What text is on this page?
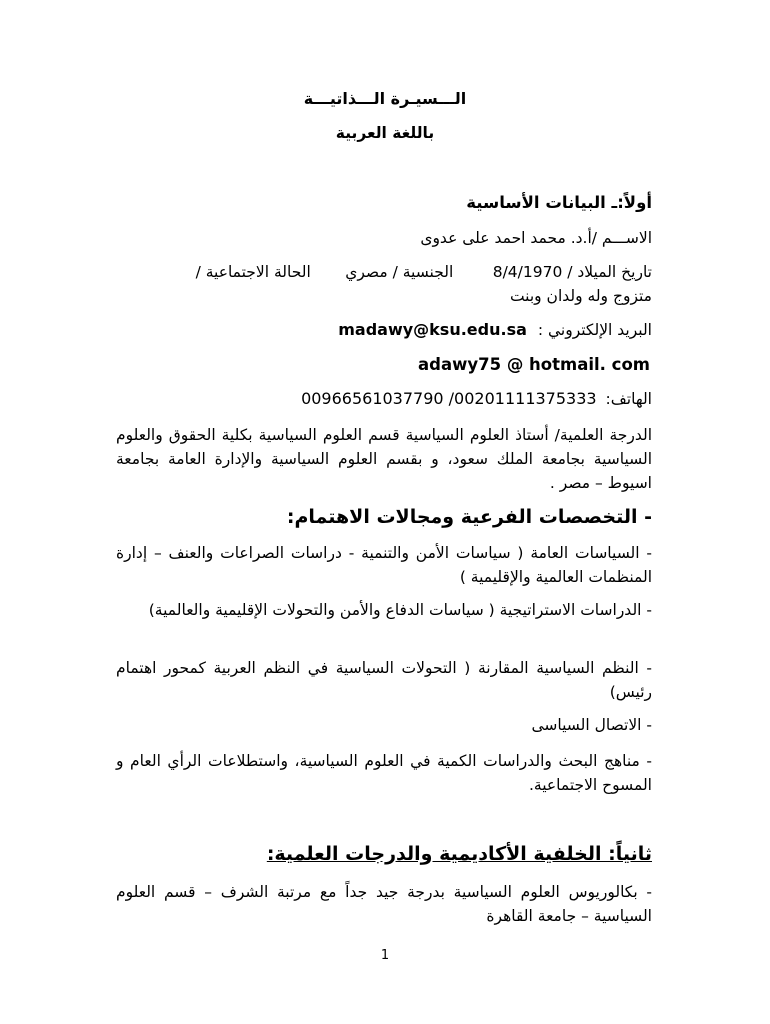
الـــسيـرة الـــذاتيـــة
باللغة العربية
أولاً:ـ البيانات الأساسية
الاســـم /أ.د. محمد احمد على عدوى
تاريخ الميلاد / 8/4/1970        الجنسية / مصري       الحالة الاجتماعية /
متزوج وله ولدان وبنت
البريد الإلكتروني : madawy@ksu.edu.sa
adawy75 @ hotmail. com
الهاتف: 00966561037790 /00201111375333
الدرجة العلمية/ أستاذ العلوم السياسية قسم العلوم السياسية بكلية الحقوق والعلوم السياسية بجامعة الملك سعود، و بقسم العلوم السياسية والإدارة العامة بجامعة اسيوط – مصر .
- التخصصات الفرعية ومجالات الاهتمام:
- السياسات العامة ( سياسات الأمن والتنمية - دراسات الصراعات والعنف – إدارة المنظمات العالمية والإقليمية )
- الدراسات الاستراتيجية ( سياسات الدفاع والأمن والتحولات الإقليمية والعالمية)
- النظم السياسية المقارنة ( التحولات السياسية في النظم العربية كمحور اهتمام رئيس)
- الاتصال السياسى
- مناهج البحث والدراسات الكمية في العلوم السياسية، واستطلاعات الرأي العام و المسوح الاجتماعية.
ثانياً: الخلفية الأكاديمية والدرجات العلمية:
- بكالوريوس العلوم السياسية بدرجة جيد جداً مع مرتبة الشرف – قسم العلوم السياسية – جامعة القاهرة
1
